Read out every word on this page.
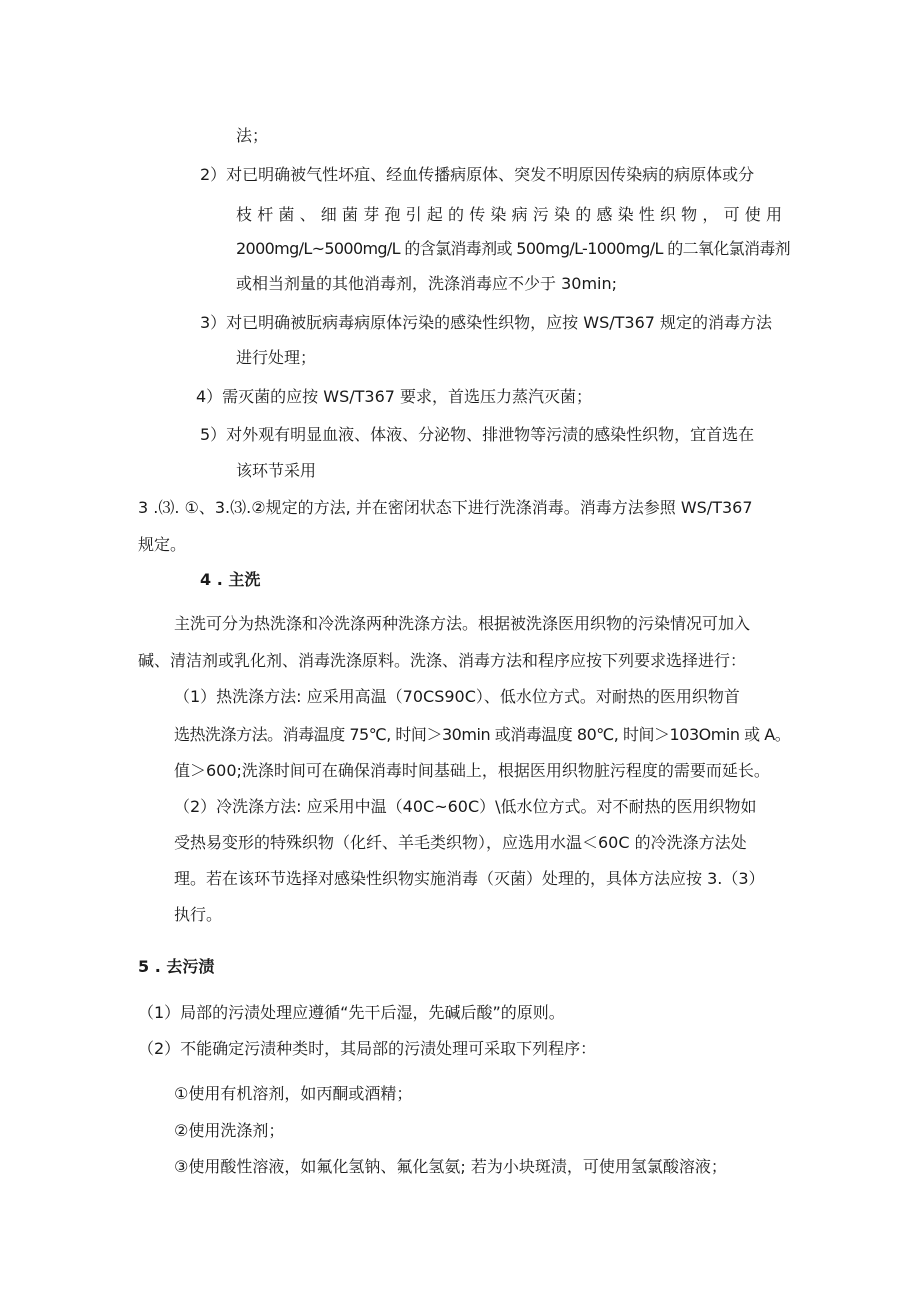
法；
2）对已明确被气性坏疽、经血传播病原体、突发不明原因传染病的病原体或分
枝杆菌、细菌芽孢引起的传染病污染的感染性织物，可使用
2000mg∕L~5000mg/L 的含氯消毒剂或 500mg∕L-1000mg∕L 的二氧化氯消毒剂
或相当剂量的其他消毒剂，洗涤消毒应不少于 30min;
3）对已明确被朊病毒病原体污染的感染性织物，应按 WS/T367 规定的消毒方法
进行处理；
4）需灭菌的应按 WS/T367 要求，首选压力蒸汽灭菌；
5）对外观有明显血液、体液、分泌物、排泄物等污渍的感染性织物，宜首选在
该环节采用
3 .⑶. ①、3.⑶.②规定的方法, 并在密闭状态下进行洗涤消毒。消毒方法参照 WS/T367
规定。
4 . 主洗
主洗可分为热洗涤和冷洗涤两种洗涤方法。根据被洗涤医用织物的污染情况可加入
碱、清洁剂或乳化剂、消毒洗涤原料。洗涤、消毒方法和程序应按下列要求选择进行：
（1）热洗涤方法: 应采用高温（70CS90C）、低水位方式。对耐热的医用织物首
选热洗涤方法。消毒温度 75℃, 时间＞30min 或消毒温度 80℃, 时间＞103Omin 或 A。
值＞600;洗涤时间可在确保消毒时间基础上，根据医用织物脏污程度的需要而延长。
（2）冷洗涤方法: 应采用中温（40C~60C）\低水位方式。对不耐热的医用织物如
受热易变形的特殊织物（化纤、羊毛类织物），应选用水温＜60C 的冷洗涤方法处
理。若在该环节选择对感染性织物实施消毒（灭菌）处理的，具体方法应按 3.（3）
执行。
5 . 去污渍
（1）局部的污渍处理应遵循“先干后湿，先碱后酸”的原则。
（2）不能确定污渍种类时，其局部的污渍处理可采取下列程序：
①使用有机溶剂，如丙酮或酒精；
②使用洗涤剂；
③使用酸性溶液，如氟化氢钠、氟化氢氨; 若为小块斑渍，可使用氢氯酸溶液；
